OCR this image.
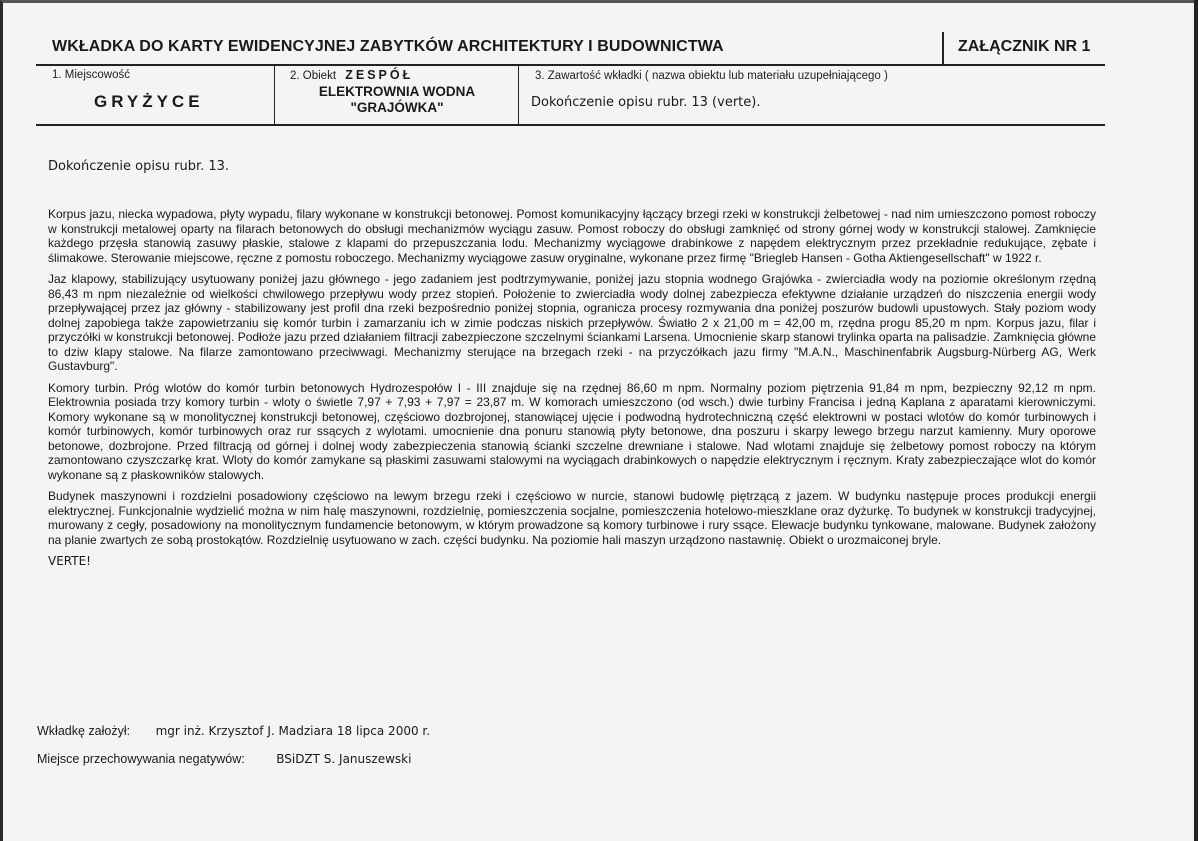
WKŁADKA DO KARTY EWIDENCYJNEJ ZABYTKÓW ARCHITEKTURY I BUDOWNICTWA	ZAŁĄCZNIK NR 1
1. Miejscowość
GRYŻYCE
2. Obiekt ZESPÓŁ
ELEKTROWNIA WODNA
"GRAJÓWKA"
3. Zawartość wkładki ( nazwa obiektu lub materiału uzupełniającego )
Dokończenie opisu rubr. 13 (verte).
Dokończenie opisu rubr. 13.

Korpus jazu, niecka wypadowa, płyty wypadu, filary wykonane w konstrukcji betonowej. Pomost komunikacyjny łączący brzegi rzeki w konstrukcji żelbetowej - nad nim umieszczono pomost roboczy w konstrukcji metalowej oparty na filarach betonowych do obsługi mechanizmów wyciągu zasuw. Pomost roboczy do obsługi zamknięć od strony górnej wody w konstrukcji stalowej. Zamknięcie każdego przęsła stanowią zasuwy płaskie, stalowe z klapami do przepuszczania lodu. Mechanizmy wyciągowe drabinkowe z napędem elektrycznym przez przekładnie redukujące, zębate i ślimakowe. Sterowanie miejscowe, ręczne z pomostu roboczego. Mechanizmy wyciągowe zasuw oryginalne, wykonane przez firmę "Briegleb Hansen - Gotha Aktiengesellschaft" w 1922 r.

Jaz klapowy, stabilizujący usytuowany poniżej jazu głównego - jego zadaniem jest podtrzymywanie, poniżej jazu stopnia wodnego Grajówka - zwierciadła wody na poziomie określonym rzędną 86,43 m npm niezależnie od wielkości chwilowego przepływu wody przez stopień. Położenie to zwierciadła wody dolnej zabezpiecza efektywne działanie urządzeń do niszczenia energii wody przepływającej przez jaz główny - stabilizowany jest profil dna rzeki bezpośrednio poniżej stopnia, ogranicza procesy rozmywania dna poniżej poszurów budowli upustowych. Stały poziom wody dolnej zapobiega także zapowietrzaniu się komór turbin i zamarzaniu ich w zimie podczas niskich przepływów. Światło 2 x 21,00 m = 42,00 m, rzędna progu 85,20 m npm. Korpus jazu, filar i przyczółki w konstrukcji betonowej. Podłoże jazu przed działaniem filtracji zabezpieczone szczelnymi ściankami Larsena. Umocnienie skarp stanowi trylinka oparta na palisadzie. Zamknięcia główne to dziw klapy stalowe. Na filarze zamontowano przeciwwagi. Mechanizmy sterujące na brzegach rzeki - na przyczółkach jazu firmy "M.A.N., Maschinenfabrik Augsburg-Nürberg AG, Werk Gustavburg".

Komory turbin. Próg wlotów do komór turbin betonowych Hydrozespołów I - III znajduje się na rzędnej 86,60 m npm. Normalny poziom piętrzenia 91,84 m npm, bezpieczny 92,12 m npm. Elektrownia posiada trzy komory turbin - wloty o świetle 7,97 + 7,93 + 7,97 = 23,87 m. W komorach umieszczono (od wsch.) dwie turbiny Francisa i jedną Kaplana z aparatami kierowniczymi. Komory wykonane są w monolitycznej konstrukcji betonowej, częściowo dozbrojonej, stanowiącej ujęcie i podwodną hydrotechniczną część elektrowni w postaci wlotów do komór turbinowych i komór turbinowych, komór turbinowych oraz rur ssących z wylotami. umocnienie dna ponuru stanowią płyty betonowe, dna poszuru i skarpy lewego brzegu narzut kamienny. Mury oporowe betonowe, dozbrojone. Przed filtracją od górnej i dolnej wody zabezpieczenia stanowią ścianki szczelne drewniane i stalowe. Nad wlotami znajduje się żelbetowy pomost roboczy na którym zamontowano czyszczarkę krat. Wloty do komór zamykane są płaskimi zasuwami stalowymi na wyciągach drabinkowych o napędzie elektrycznym i ręcznym. Kraty zabezpieczające wlot do komór wykonane są z płaskowników stalowych.

Budynek maszynowni i rozdzielni posadowiony częściowo na lewym brzegu rzeki i częściowo w nurcie, stanowi budowlę piętrzącą z jazem. W budynku następuje proces produkcji energii elektrycznej. Funkcjonalnie wydzielić można w nim halę maszynowni, rozdzielnię, pomieszczenia socjalne, pomieszczenia hotelowo-mieszklane oraz dyżurkę. To budynek w konstrukcji tradycyjnej, murowany z cegły, posadowiony na monolitycznym fundamencie betonowym, w którym prowadzone są komory turbinowe i rury ssące. Elewacje budynku tynkowane, malowane. Budynek założony na planie zwartych ze sobą prostokątów. Rozdzielnię usytuowano w zach. części budynku. Na poziomie hali maszyn urządzono nastawnię. Obiekt o urozmaiconej bryle.

VERTE!

Wkładkę założył: mgr inż. Krzysztof J. Madziara 18 lipca 2000 r.
Miejsce przechowywania negatywów:	BSiDZT S. Januszewski
